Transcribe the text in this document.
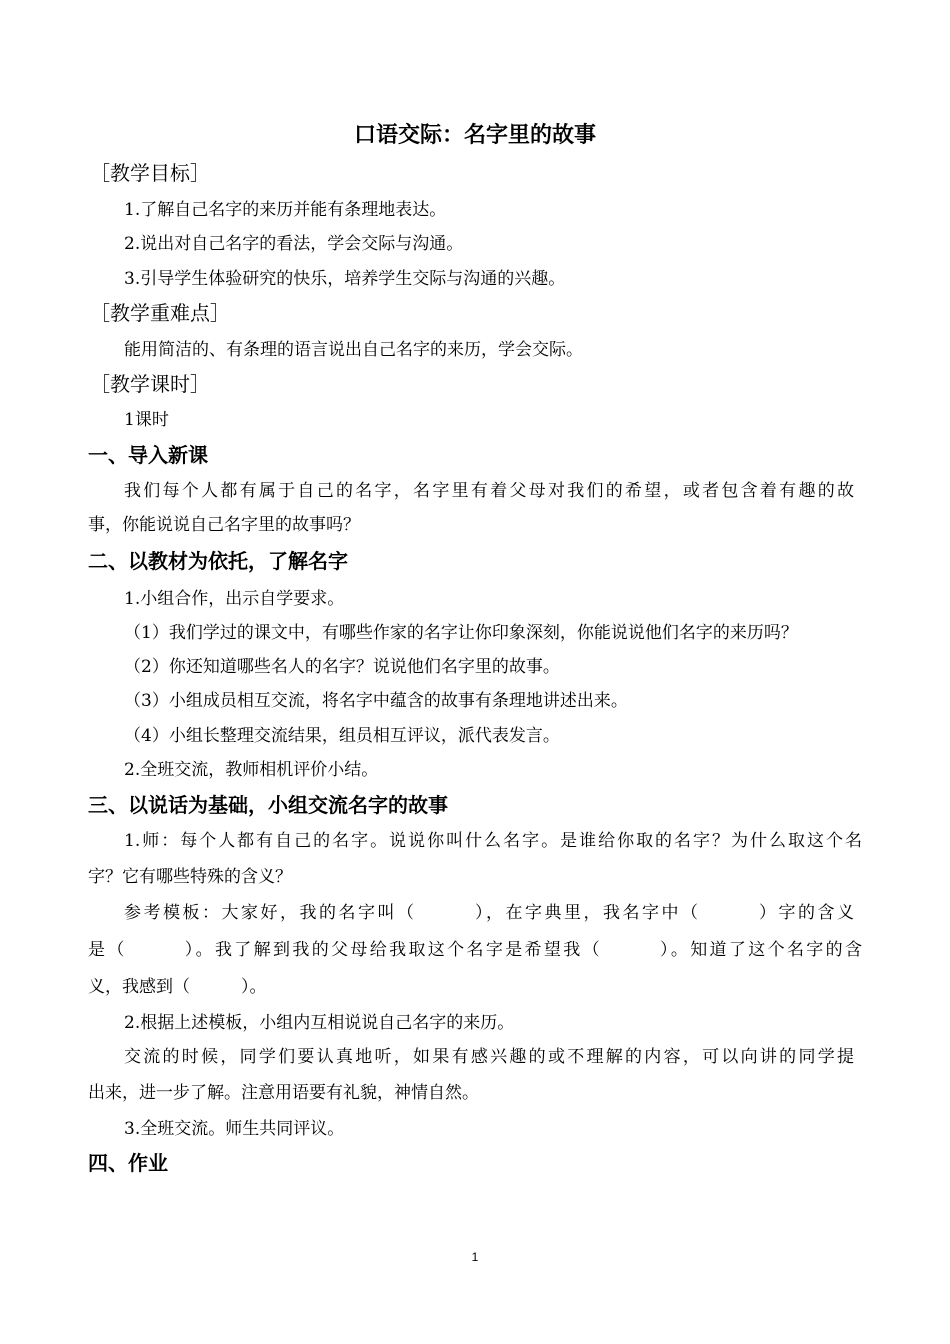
口语交际：名字里的故事
［教学目标］
1.了解自己名字的来历并能有条理地表达。
2.说出对自己名字的看法，学会交际与沟通。
3.引导学生体验研究的快乐，培养学生交际与沟通的兴趣。
［教学重难点］
能用简洁的、有条理的语言说出自己名字的来历，学会交际。
［教学课时］
1课时
一、导入新课
我们每个人都有属于自己的名字，名字里有着父母对我们的希望，或者包含着有趣的故
事，你能说说自己名字里的故事吗？
二、以教材为依托，了解名字
1.小组合作，出示自学要求。
（1）我们学过的课文中，有哪些作家的名字让你印象深刻，你能说说他们名字的来历吗？
（2）你还知道哪些名人的名字？说说他们名字里的故事。
（3）小组成员相互交流，将名字中蕴含的故事有条理地讲述出来。
（4）小组长整理交流结果，组员相互评议，派代表发言。
2.全班交流，教师相机评价小结。
三、以说话为基础，小组交流名字的故事
1.师：每个人都有自己的名字。说说你叫什么名字。是谁给你取的名字？为什么取这个名
字？它有哪些特殊的含义？
参考模板：大家好，我的名字叫（　　　），在字典里，我名字中（　　　）字的含义
是（　　　）。我了解到我的父母给我取这个名字是希望我（　　　）。知道了这个名字的含
义，我感到（　　　）。
2.根据上述模板，小组内互相说说自己名字的来历。
交流的时候，同学们要认真地听，如果有感兴趣的或不理解的内容，可以向讲的同学提
出来，进一步了解。注意用语要有礼貌，神情自然。
3.全班交流。师生共同评议。
四、作业
1
